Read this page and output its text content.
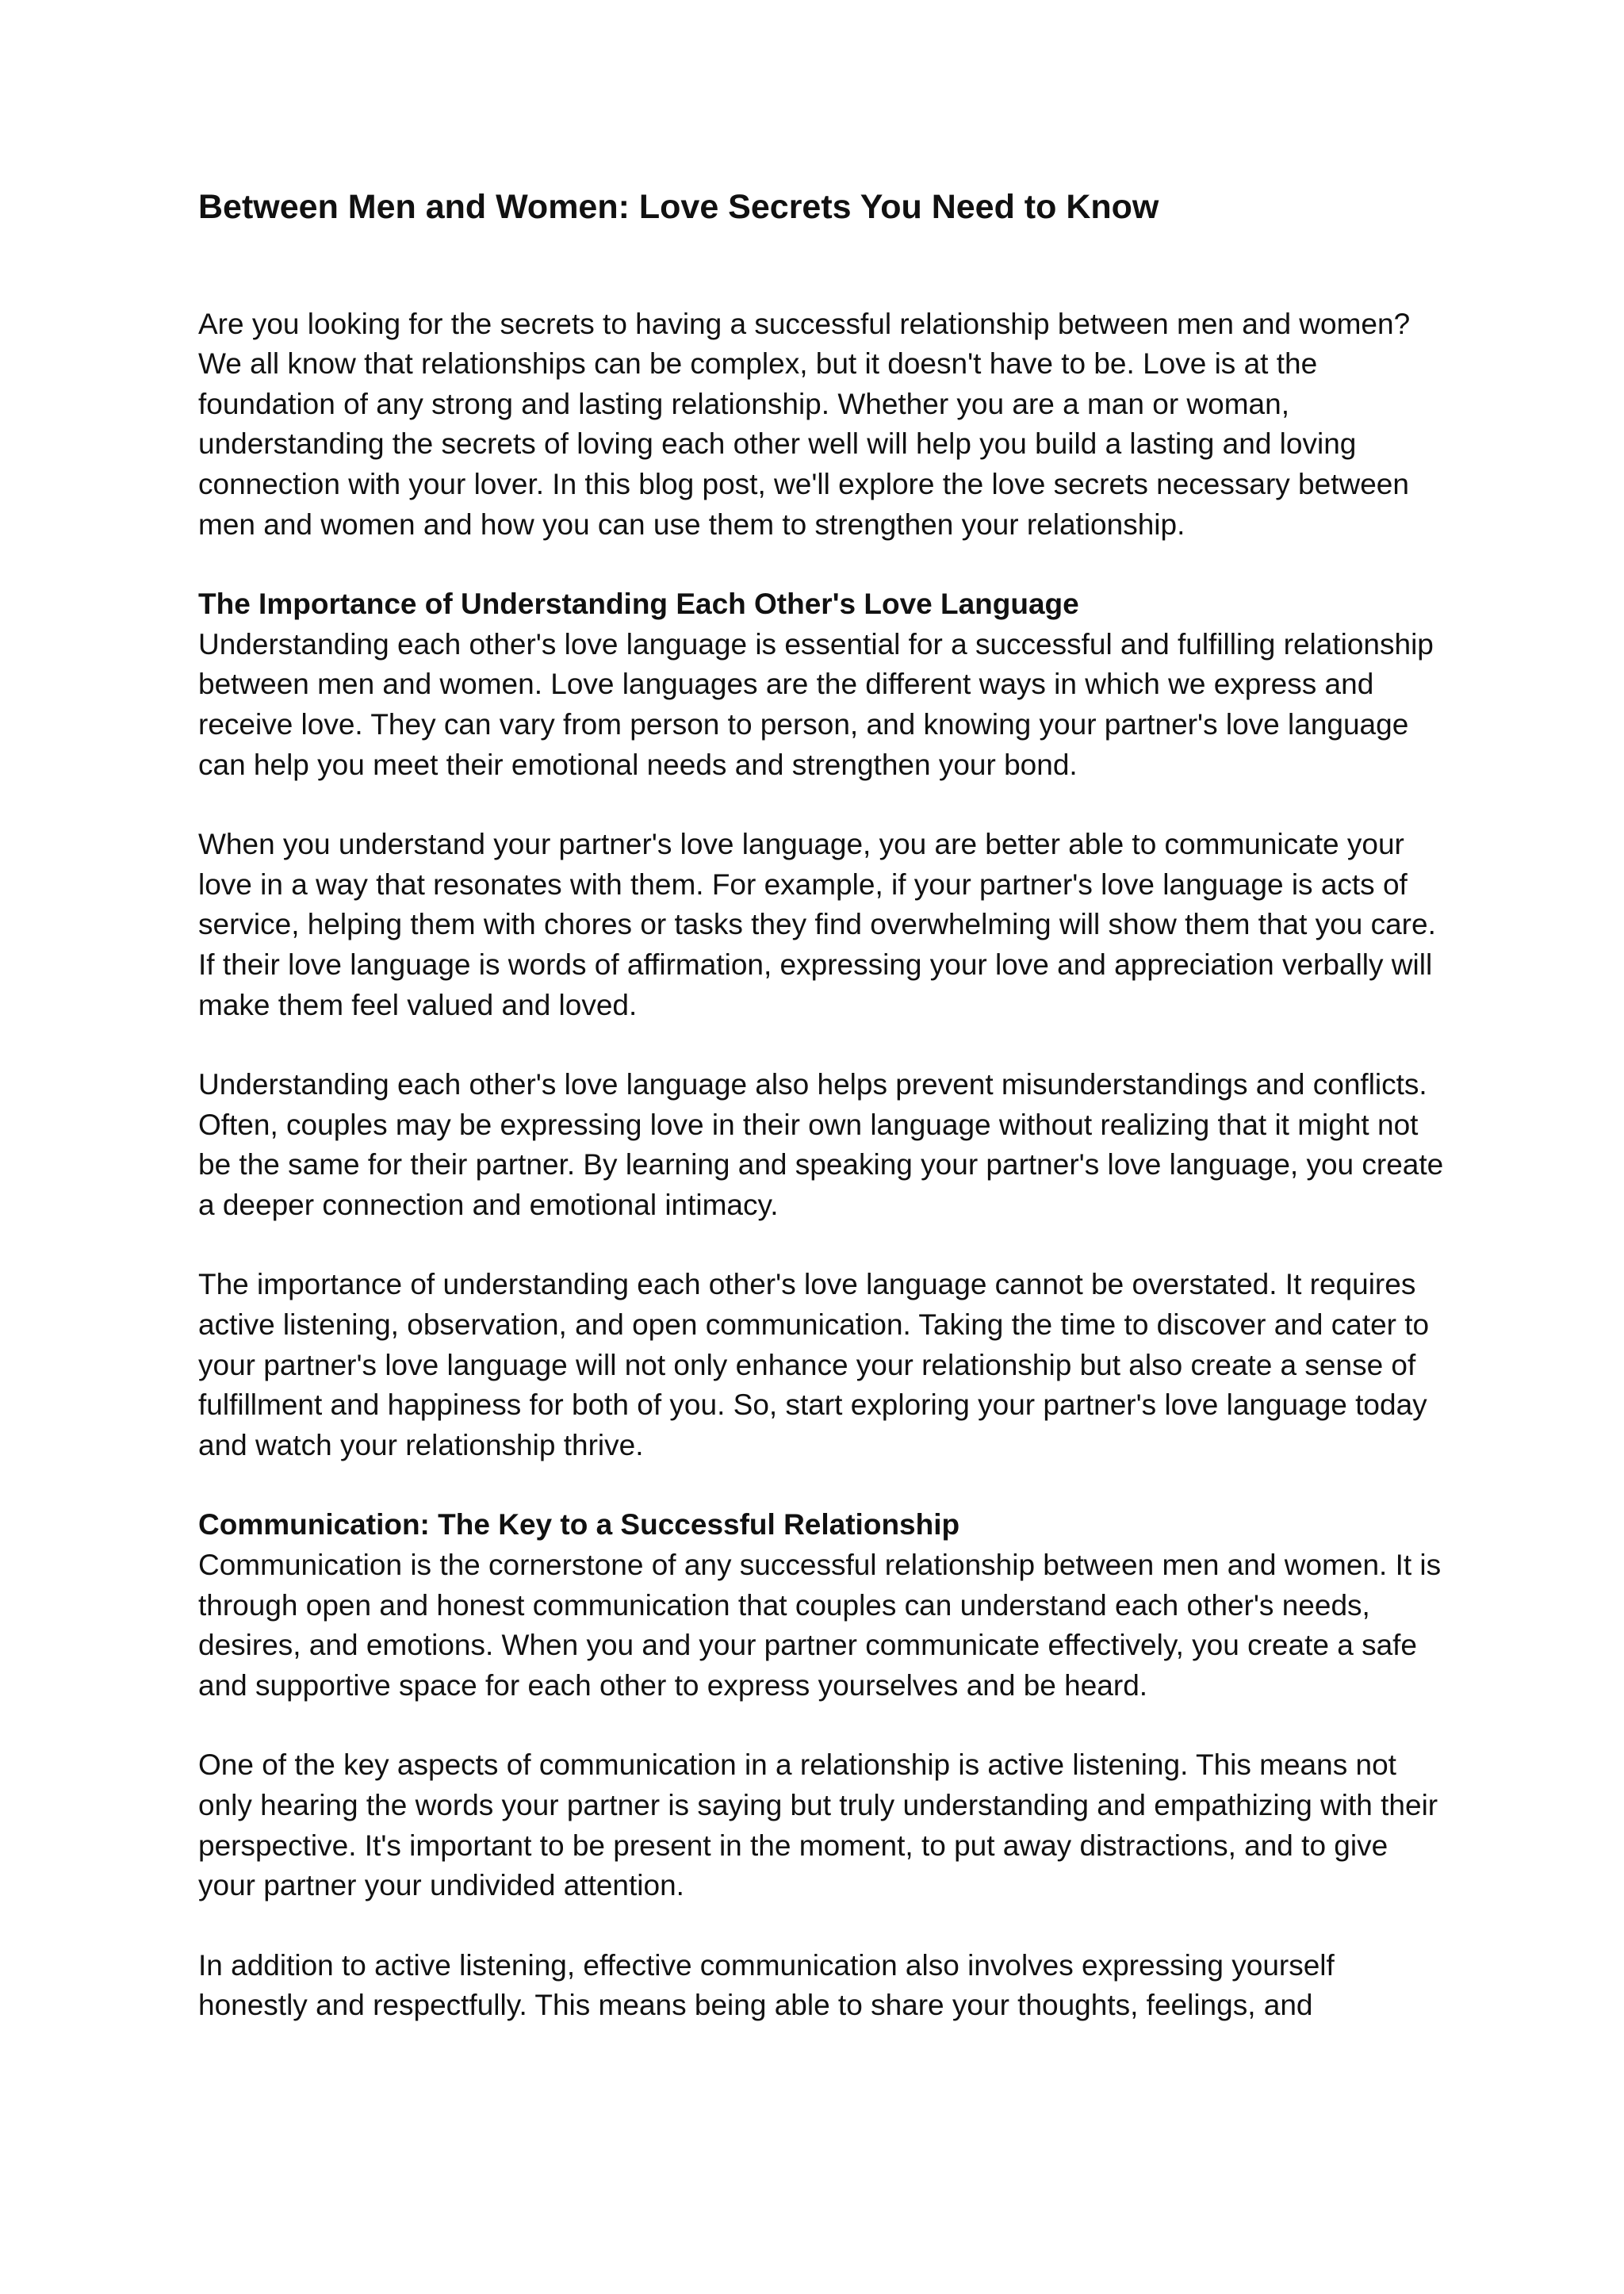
Between Men and Women: Love Secrets You Need to Know

Are you looking for the secrets to having a successful relationship between men and women? We all know that relationships can be complex, but it doesn't have to be. Love is at the foundation of any strong and lasting relationship. Whether you are a man or woman, understanding the secrets of loving each other well will help you build a lasting and loving connection with your lover. In this blog post, we'll explore the love secrets necessary between men and women and how you can use them to strengthen your relationship.

The Importance of Understanding Each Other's Love Language

Understanding each other's love language is essential for a successful and fulfilling relationship between men and women. Love languages are the different ways in which we express and receive love. They can vary from person to person, and knowing your partner's love language can help you meet their emotional needs and strengthen your bond.

When you understand your partner's love language, you are better able to communicate your love in a way that resonates with them. For example, if your partner's love language is acts of service, helping them with chores or tasks they find overwhelming will show them that you care. If their love language is words of affirmation, expressing your love and appreciation verbally will make them feel valued and loved.

Understanding each other's love language also helps prevent misunderstandings and conflicts. Often, couples may be expressing love in their own language without realizing that it might not be the same for their partner. By learning and speaking your partner's love language, you create a deeper connection and emotional intimacy.

The importance of understanding each other's love language cannot be overstated. It requires active listening, observation, and open communication. Taking the time to discover and cater to your partner's love language will not only enhance your relationship but also create a sense of fulfillment and happiness for both of you. So, start exploring your partner's love language today and watch your relationship thrive.

Communication: The Key to a Successful Relationship

Communication is the cornerstone of any successful relationship between men and women. It is through open and honest communication that couples can understand each other's needs, desires, and emotions. When you and your partner communicate effectively, you create a safe and supportive space for each other to express yourselves and be heard.

One of the key aspects of communication in a relationship is active listening. This means not only hearing the words your partner is saying but truly understanding and empathizing with their perspective. It's important to be present in the moment, to put away distractions, and to give your partner your undivided attention.

In addition to active listening, effective communication also involves expressing yourself honestly and respectfully. This means being able to share your thoughts, feelings, and
